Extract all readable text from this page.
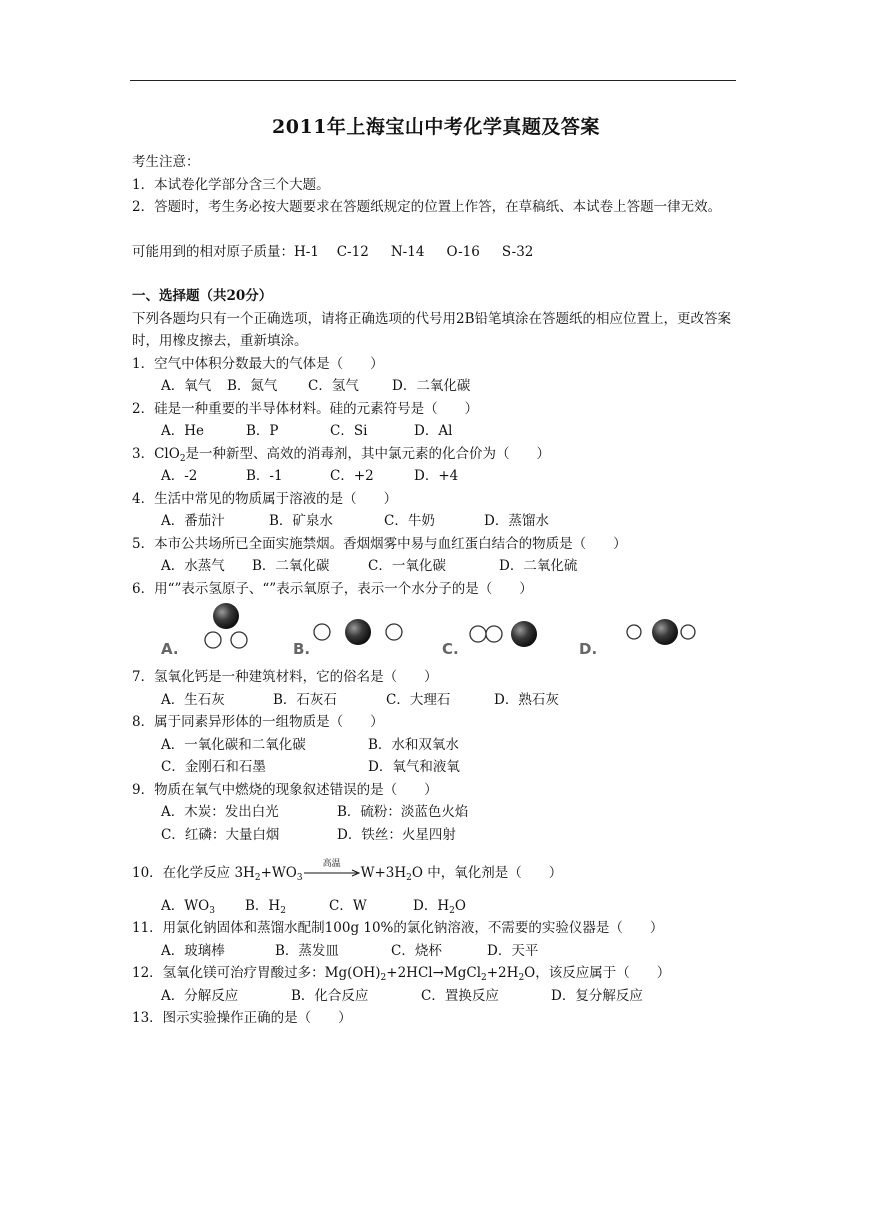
2011年上海宝山中考化学真题及答案
考生注意：
1．本试卷化学部分含三个大题。
2．答题时，考生务必按大题要求在答题纸规定的位置上作答，在草稿纸、本试卷上答题一律无效。
可能用到的相对原子质量：H-1　 C-12　  N-14 　 O-16　  S-32
一、选择题（共20分）
下列各题均只有一个正确选项，请将正确选项的代号用2B铅笔填涂在答题纸的相应位置上，更改答案时，用橡皮擦去，重新填涂。
1．空气中体积分数最大的气体是（　　）
A．氧气 B．氮气 C．氢气 D．二氧化碳
2．硅是一种重要的半导体材料。硅的元素符号是（　　）
A．He	B．P	C．Si	D．Al
3．ClO$_2$是一种新型、高效的消毒剂，其中氯元素的化合价为（　　）
A．-2	B．-1	C．+2	D．+4
4．生活中常见的物质属于溶液的是（　　）
A．番茄汁	B．矿泉水	C．牛奶	D．蒸馏水
5．本市公共场所已全面实施禁烟。香烟烟雾中易与血红蛋白结合的物质是（　　）
A．水蒸气 B．二氧化碳	C．一氧化碳	D．二氧化硫
6．用“”表示氢原子、“”表示氧原子，表示一个水分子的是（　　）
A.	B.	C.	D.
7．氢氧化钙是一种建筑材料，它的俗名是（　　）
A．生石灰	B．石灰石	C．大理石	D．熟石灰
8．属于同素异形体的一组物质是（　　）
A．一氧化碳和二氧化碳	B．水和双氧水
C．金刚石和石墨	D．氧气和液氧
9．物质在氧气中燃烧的现象叙述错误的是（　　）
A．木炭：发出白光	B．硫粉：淡蓝色火焰
C．红磷：大量白烟	D．铁丝：火星四射
10．在化学反应 $3H_2+WO_3$
高温
$W+3H_2O$ 中，氧化剂是（　　）
A．$WO_3$ B．$H_2$	C．W	D．$H_2O$
11．用氯化钠固体和蒸馏水配制100g 10%的氯化钠溶液，不需要的实验仪器是（　　）
A．玻璃棒	B．蒸发皿	C．烧杯	D．天平
12．氢氧化镁可治疗胃酸过多：$Mg(OH)_2+2HCl\to MgCl_2+2H_2O$，该反应属于（　　）
A．分解反应	B．化合反应	C．置换反应	D．复分解反应
13．图示实验操作正确的是（　　）
